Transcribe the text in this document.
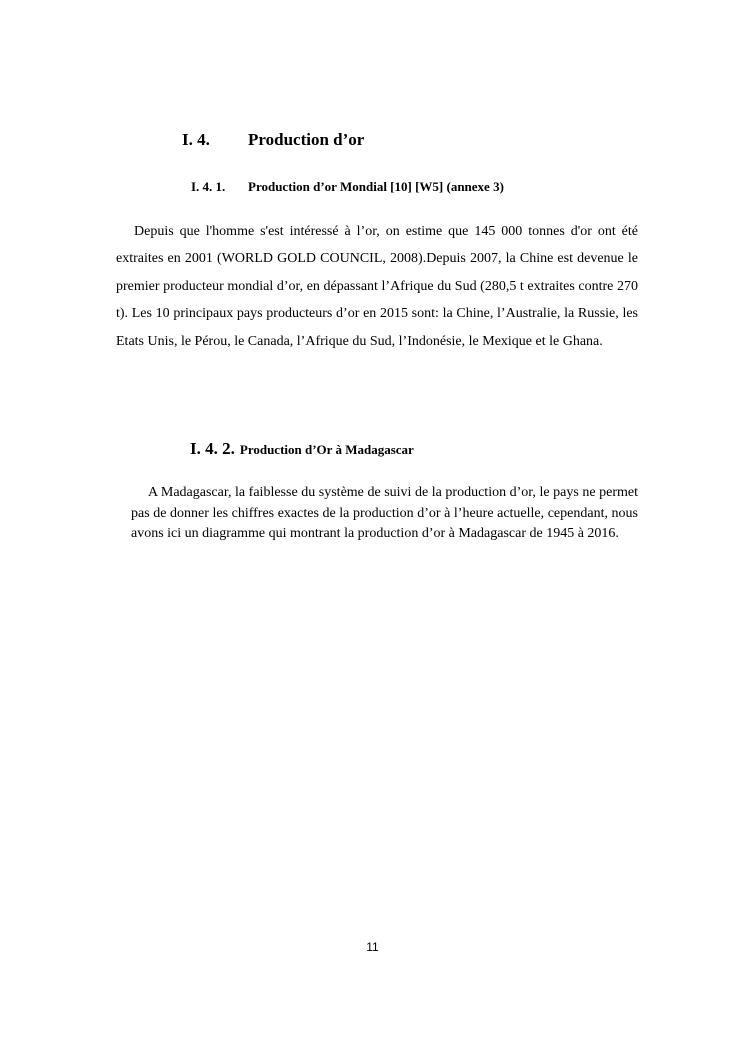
I. 4. Production d’or
I. 4. 1. Production d’or Mondial [10] [W5] (annexe 3)

Depuis que l'homme s'est intéressé à l’or, on estime que 145 000 tonnes d'or ont été extraites en 2001 (WORLD GOLD COUNCIL, 2008).Depuis 2007, la Chine est devenue le premier producteur mondial d’or, en dépassant l’Afrique du Sud (280,5 t extraites contre 270 t). Les 10 principaux pays producteurs d’or en 2015 sont: la Chine, l’Australie, la Russie, les Etats Unis, le Pérou, le Canada, l’Afrique du Sud, l’Indonésie, le Mexique et le Ghana.

I. 4. 2. Production d’Or à Madagascar

A Madagascar, la faiblesse du système de suivi de la production d’or, le pays ne permet pas de donner les chiffres exactes de la production d’or à l’heure actuelle, cependant, nous avons ici un diagramme qui montrant la production d’or à Madagascar de 1945 à 2016.

11
